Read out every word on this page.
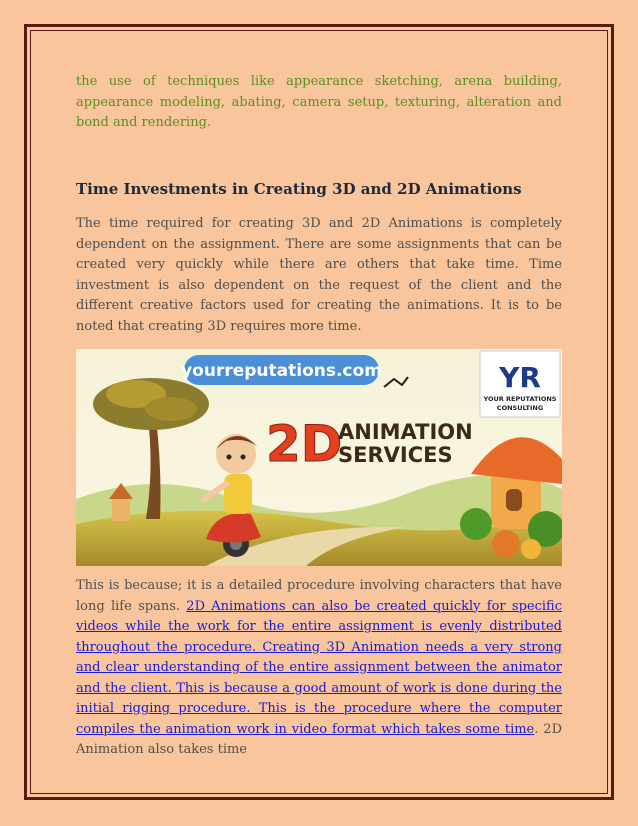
the use of techniques like appearance sketching, arena building, appearance modeling, abating, camera setup, texturing, alteration and bond and rendering.

Time Investments in Creating 3D and 2D Animations

The time required for creating 3D and 2D Animations is completely dependent on the assignment. There are some assignments that can be created very quickly while there are others that take time. Time investment is also dependent on the request of the client and the different creative factors used for creating the animations. It is to be noted that creating 3D requires more time.

yourreputations.com
2D
ANIMATION
SERVICES
YR
YOUR REPUTATIONS
CONSULTING

This is because; it is a detailed procedure involving characters that have long life spans. 2D Animations can also be created quickly for specific videos while the work for the entire assignment is evenly distributed throughout the procedure. Creating 3D Animation needs a very strong and clear understanding of the entire assignment between the animator and the client. This is because a good amount of work is done during the initial rigging procedure. This is the procedure where the computer compiles the animation work in video format which takes some time. 2D Animation also takes time
